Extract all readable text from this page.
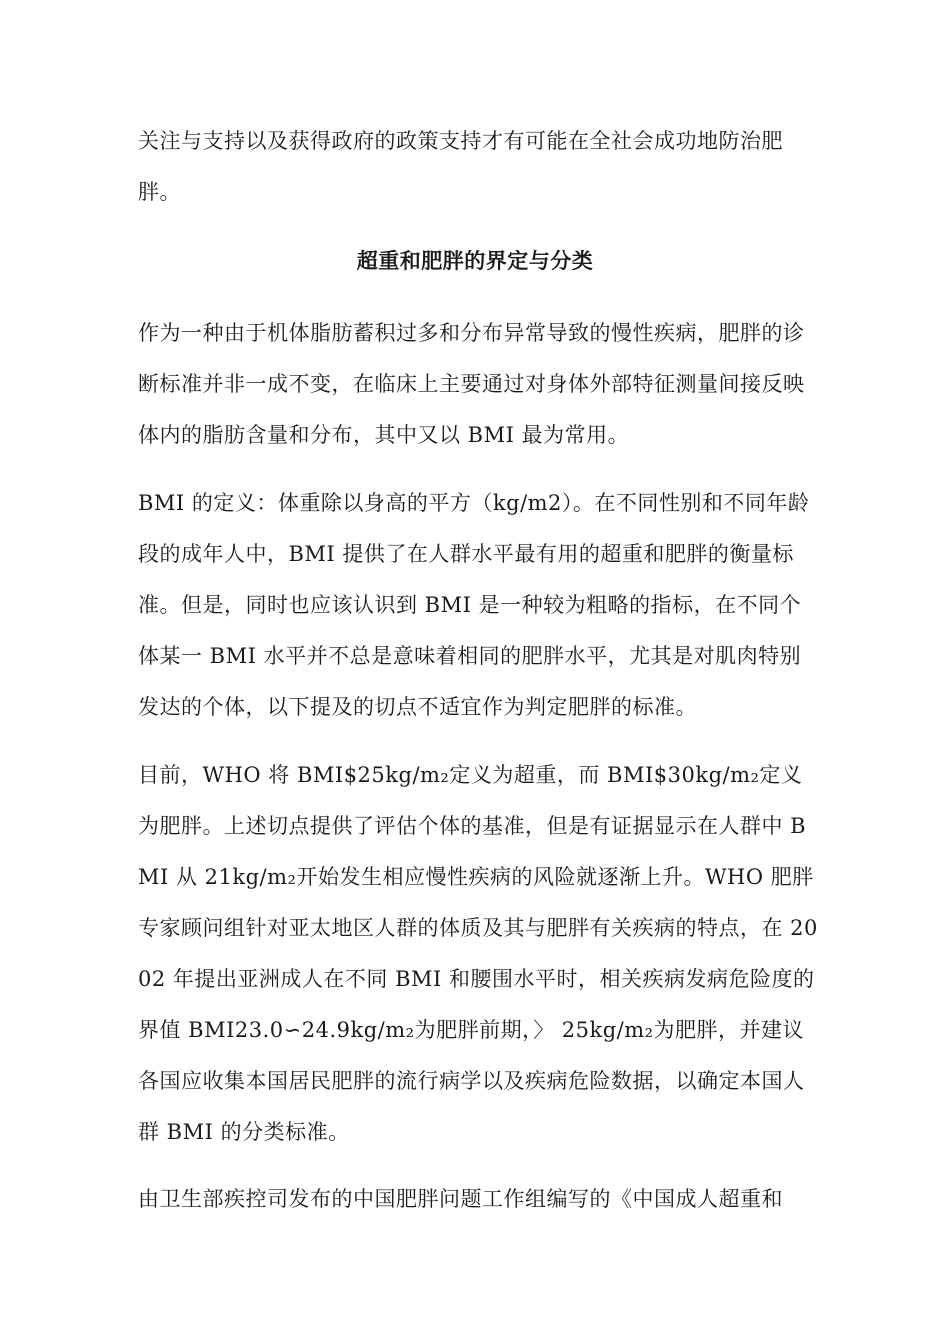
关注与支持以及获得政府的政策支持才有可能在全社会成功地防治肥胖。

超重和肥胖的界定与分类

作为一种由于机体脂肪蓄积过多和分布异常导致的慢性疾病，肥胖的诊断标准并非一成不变，在临床上主要通过对身体外部特征测量间接反映体内的脂肪含量和分布，其中又以 BMI 最为常用。

BMI 的定义：体重除以身高的平方（kg/m2）。在不同性别和不同年龄段的成年人中，BMI 提供了在人群水平最有用的超重和肥胖的衡量标准。但是，同时也应该认识到 BMI 是一种较为粗略的指标，在不同个体某一 BMI 水平并不总是意味着相同的肥胖水平，尤其是对肌肉特别发达的个体，以下提及的切点不适宜作为判定肥胖的标准。

目前，WHO 将 BMI$25kg/m₂定义为超重，而 BMI$30kg/m₂定义为肥胖。上述切点提供了评估个体的基准，但是有证据显示在人群中 BMI 从 21kg/m₂开始发生相应慢性疾病的风险就逐渐上升。WHO 肥胖专家顾问组针对亚太地区人群的体质及其与肥胖有关疾病的特点，在 2002 年提出亚洲成人在不同 BMI 和腰围水平时，相关疾病发病危险度的界值 BMI23.0∽24.9kg/m₂为肥胖前期，〉 25kg/m₂为肥胖，并建议各国应收集本国居民肥胖的流行病学以及疾病危险数据，以确定本国人群 BMI 的分类标准。

由卫生部疾控司发布的中国肥胖问题工作组编写的《中国成人超重和
